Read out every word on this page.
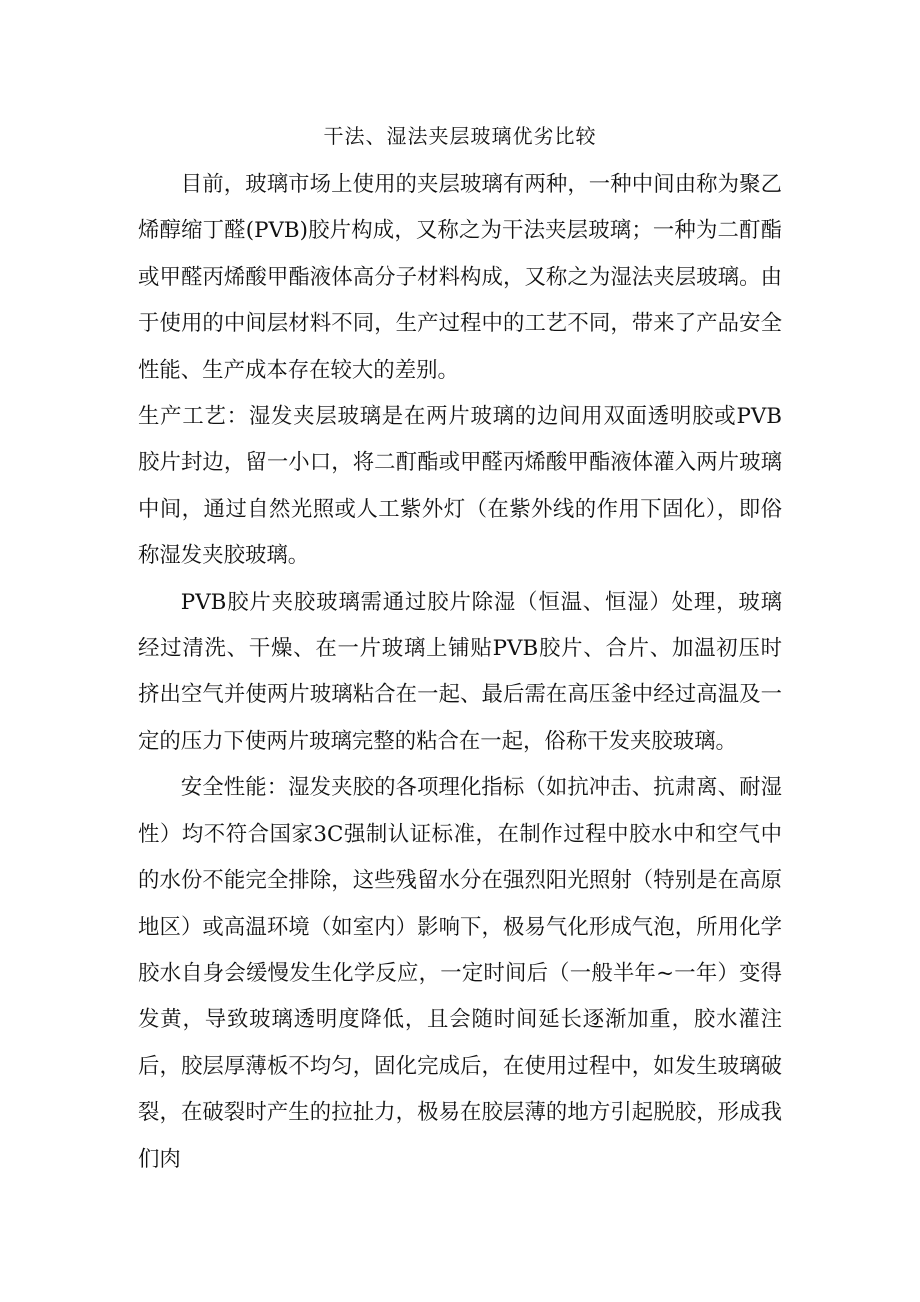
干法、湿法夹层玻璃优劣比较

目前，玻璃市场上使用的夹层玻璃有两种，一种中间由称为聚乙烯醇缩丁醛(PVB)胶片构成，又称之为干法夹层玻璃；一种为二酊酯或甲醛丙烯酸甲酯液体高分子材料构成，又称之为湿法夹层玻璃。由于使用的中间层材料不同，生产过程中的工艺不同，带来了产品安全性能、生产成本存在较大的差别。

生产工艺：湿发夹层玻璃是在两片玻璃的边间用双面透明胶或PVB胶片封边，留一小口，将二酊酯或甲醛丙烯酸甲酯液体灌入两片玻璃中间，通过自然光照或人工紫外灯（在紫外线的作用下固化），即俗称湿发夹胶玻璃。

PVB胶片夹胶玻璃需通过胶片除湿（恒温、恒湿）处理，玻璃经过清洗、干燥、在一片玻璃上铺贴PVB胶片、合片、加温初压时挤出空气并使两片玻璃粘合在一起、最后需在高压釜中经过高温及一定的压力下使两片玻璃完整的粘合在一起，俗称干发夹胶玻璃。

安全性能：湿发夹胶的各项理化指标（如抗冲击、抗肃离、耐湿性）均不符合国家3C强制认证标准，在制作过程中胶水中和空气中的水份不能完全排除，这些残留水分在强烈阳光照射（特别是在高原地区）或高温环境（如室内）影响下，极易气化形成气泡，所用化学胶水自身会缓慢发生化学反应，一定时间后（一般半年~一年）变得发黄，导致玻璃透明度降低，且会随时间延长逐渐加重，胶水灌注后，胶层厚薄板不均匀，固化完成后，在使用过程中，如发生玻璃破裂，在破裂时产生的拉扯力，极易在胶层薄的地方引起脱胶，形成我们肉
